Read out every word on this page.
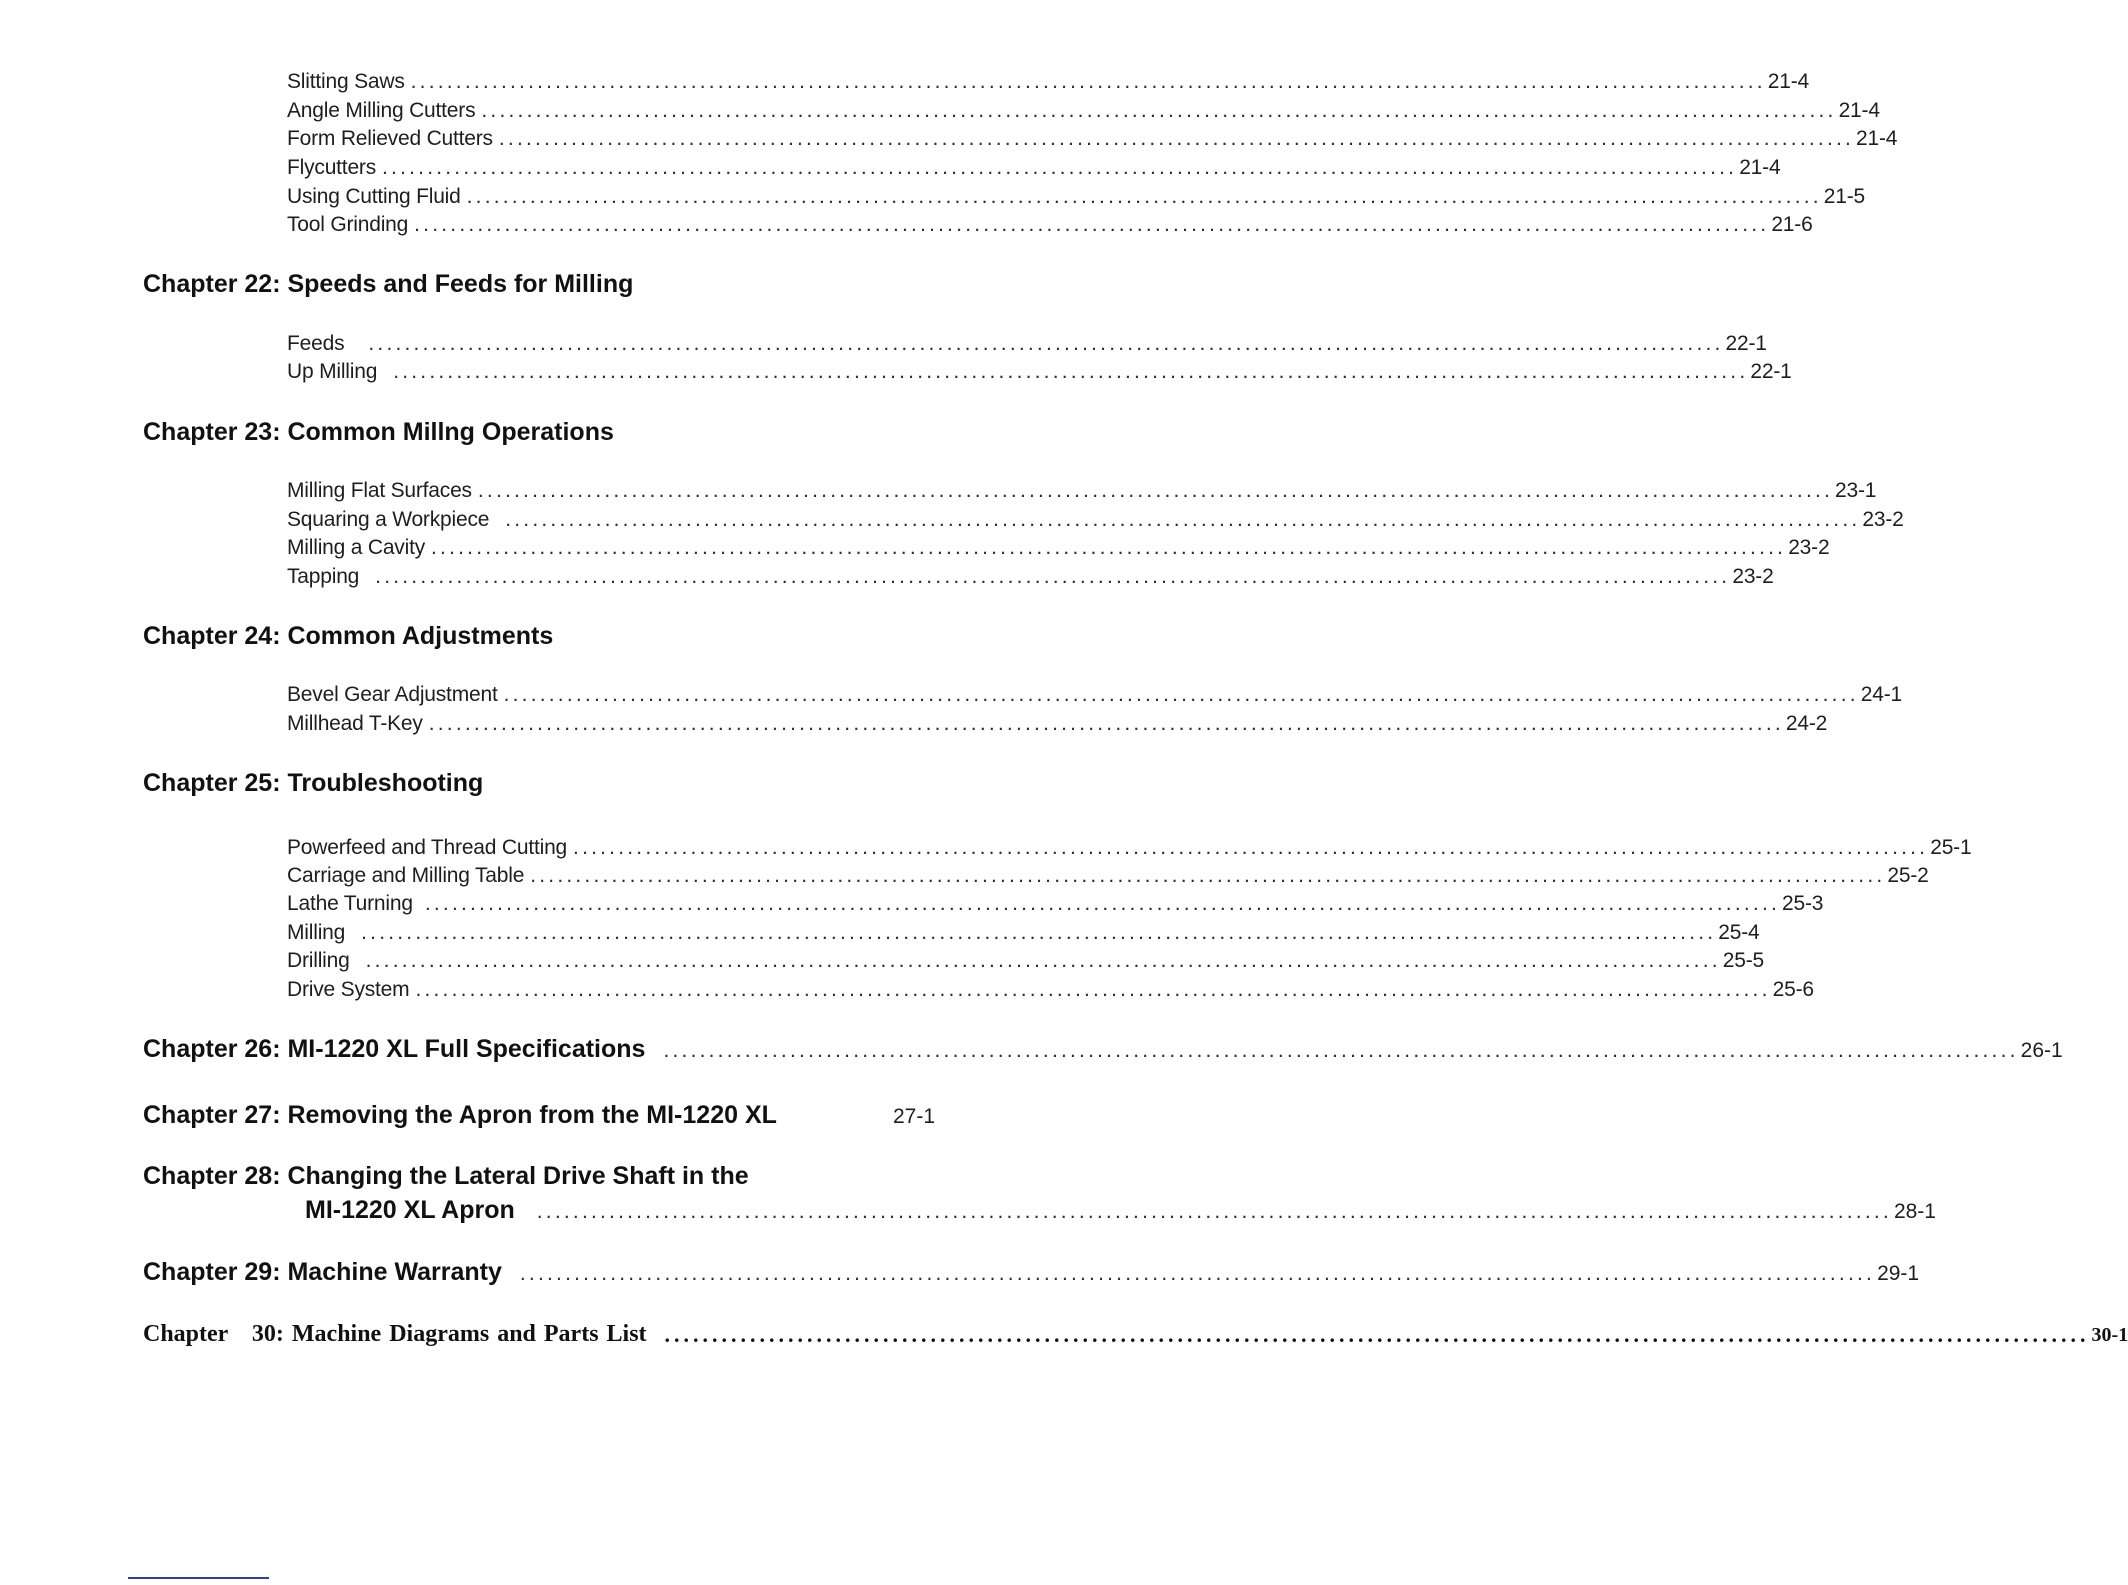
Slitting Saws ...................................................................................................................................................... 21-4
Angle Milling Cutters ...................................................................................................................................................... 21-4
Form Relieved Cutters ...................................................................................................................................................... 21-4
Flycutters ...................................................................................................................................................... 21-4
Using Cutting Fluid ...................................................................................................................................................... 21-5
Tool Grinding ...................................................................................................................................................... 21-6
Chapter 22: Speeds and Feeds for Milling
Feeds ...................................................................................................................................................... 22-1
Up Milling ...................................................................................................................................................... 22-1
Chapter 23: Common Millng Operations
Milling Flat Surfaces ...................................................................................................................................................... 23-1
Squaring a Workpiece ...................................................................................................................................................... 23-2
Milling a Cavity ...................................................................................................................................................... 23-2
Tapping ...................................................................................................................................................... 23-2
Chapter 24: Common Adjustments
Bevel Gear Adjustment ...................................................................................................................................................... 24-1
Millhead T-Key ...................................................................................................................................................... 24-2
Chapter 25: Troubleshooting
Powerfeed and Thread Cutting ...................................................................................................................................................... 25-1
Carriage and Milling Table ...................................................................................................................................................... 25-2
Lathe Turning ...................................................................................................................................................... 25-3
Milling ...................................................................................................................................................... 25-4
Drilling ...................................................................................................................................................... 25-5
Drive System ...................................................................................................................................................... 25-6
Chapter 26: MI-1220 XL Full Specifications ...................................................................................................................................................... 26-1
Chapter 27: Removing the Apron from the MI-1220 XL	27-1
Chapter 28: Changing the Lateral Drive Shaft in the
MI-1220 XL Apron ...................................................................................................................................................... 28-1
Chapter 29: Machine Warranty ...................................................................................................................................................... 29-1
Chapter   30: Machine Diagrams and Parts List ...................................................................................................................................................... 30-1
